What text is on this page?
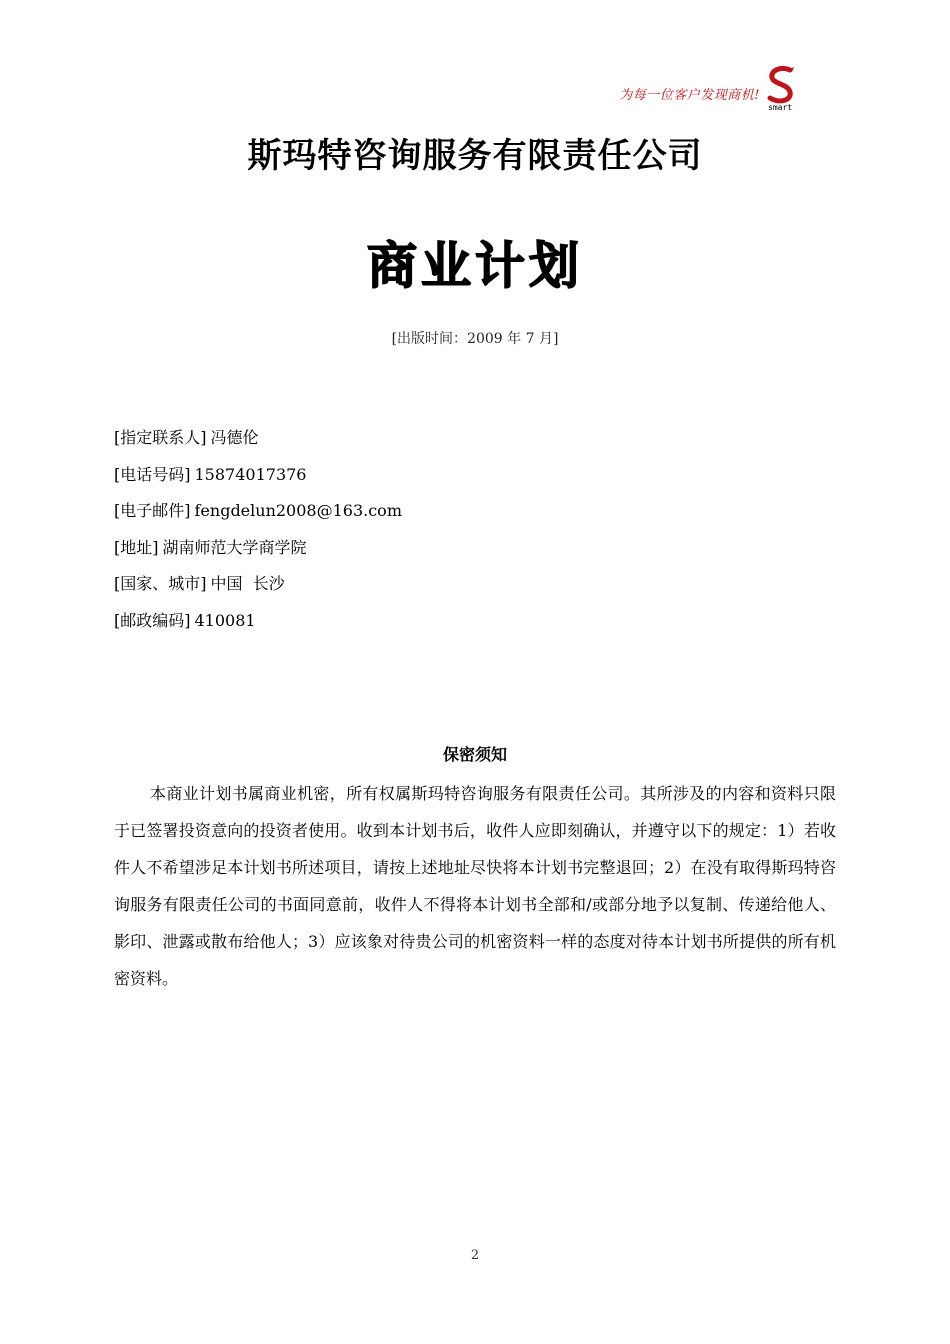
为每一位客户发现商机!
smart
斯玛特咨询服务有限责任公司
商业计划
[出版时间：2009 年 7 月]
[指定联系人] 冯德伦
[电话号码] 15874017376
[电子邮件] fengdelun2008@163.com
[地址] 湖南师范大学商学院
[国家、城市] 中国  长沙
[邮政编码] 410081
保密须知
本商业计划书属商业机密，所有权属斯玛特咨询服务有限责任公司。其所涉及的内容和资料只限于已签署投资意向的投资者使用。收到本计划书后，收件人应即刻确认，并遵守以下的规定：1）若收件人不希望涉足本计划书所述项目，请按上述地址尽快将本计划书完整退回；2）在没有取得斯玛特咨询服务有限责任公司的书面同意前，收件人不得将本计划书全部和/或部分地予以复制、传递给他人、影印、泄露或散布给他人；3）应该象对待贵公司的机密资料一样的态度对待本计划书所提供的所有机密资料。
2
